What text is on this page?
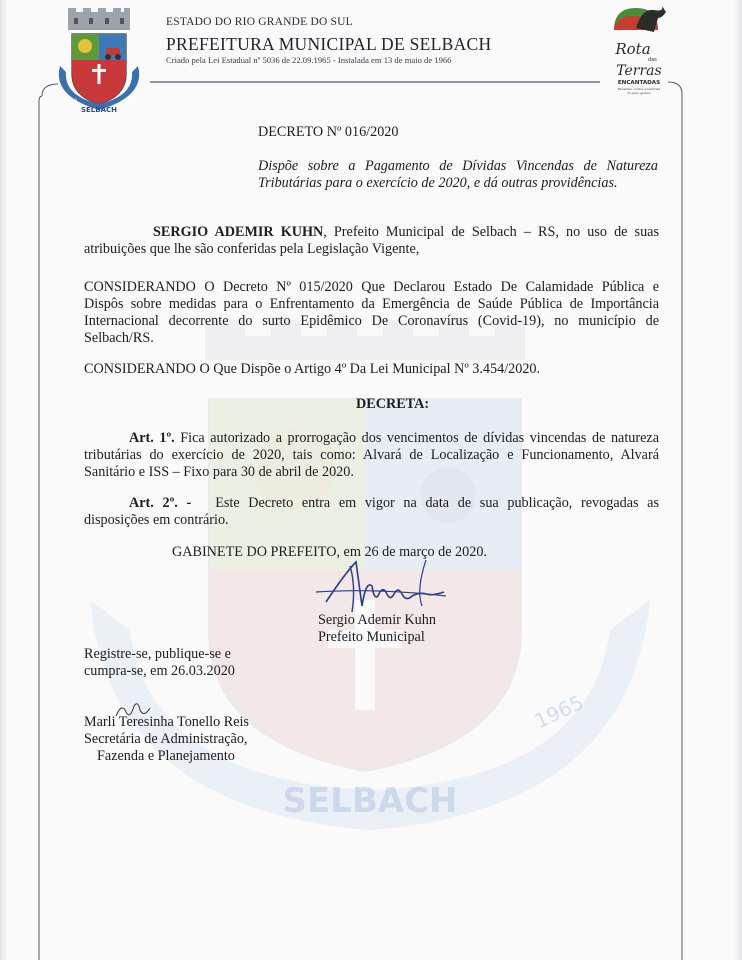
SELBACH
1965
22.09	1965
SELBACH
ESTADO DO RIO GRANDE DO SUL
PREFEITURA MUNICIPAL DE SELBACH
Criado pela Lei Estadual nº 5036 de 22.09.1965 - Instalada em 13 de maio de 1966
Rota
das
Terras
ENCANTADAS
Recantos, contos e histórias
do povo gaúcho
DECRETO Nº 016/2020
Dispõe sobre a Pagamento de Dívidas Vincendas de Natureza
Tributárias para o exercício de 2020, e dá outras providências.
SERGIO ADEMIR KUHN, Prefeito Municipal de Selbach – RS, no uso de suas
atribuições que lhe são conferidas pela Legislação Vigente,
CONSIDERANDO O Decreto Nº 015/2020 Que Declarou Estado De Calamidade Pública e
Dispôs sobre medidas para o Enfrentamento da Emergência de Saúde Pública de Importância
Internacional decorrente do surto Epidêmico De Coronavírus (Covid-19), no município de
Selbach/RS.
CONSIDERANDO O Que Dispõe o Artigo 4º Da Lei Municipal Nº 3.454/2020.
DECRETA:
Art. 1º. Fica autorizado a prorrogação dos vencimentos de dívidas vincendas de natureza
tributárias do exercício de 2020, tais como: Alvará de Localização e Funcionamento, Alvará
Sanitário e ISS – Fixo para 30 de abril de 2020.
Art. 2º. - Este Decreto entra em vigor na data de sua publicação, revogadas as
disposições em contrário.
GABINETE DO PREFEITO, em 26 de março de 2020.
Sergio Ademir Kuhn
Prefeito Municipal
Registre-se, publique-se e
cumpra-se, em 26.03.2020
Marli Teresinha Tonello Reis
Secretária de Administração,
Fazenda e Planejamento
